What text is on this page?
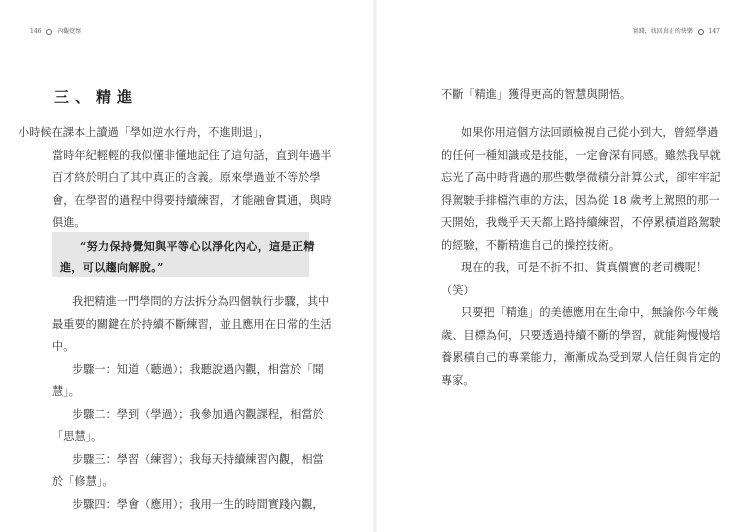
146	內觀覺察
三、精進
小時候在課本上讀過「學如逆水行舟，不進則退」，
當時年紀輕輕的我似懂非懂地記住了這句話，直到年過半
百才終於明白了其中真正的含義。原來學過並不等於學
會，在學習的過程中得要持續練習，才能融會貫通，與時
俱進。
“努力保持覺知與平等心以淨化內心，這是正精
進，可以趨向解脫。”
我把精進一門學問的方法拆分為四個執行步驟，其中
最重要的關鍵在於持續不斷練習，並且應用在日常的生活
中。
步驟一：知道（聽過）；我聽說過內觀，相當於「聞
慧」。
步驟二：學到（學過）；我參加過內觀課程，相當於
「思慧」。
步驟三：學習（練習）；我每天持續練習內觀，相當
於「修慧」。
步驟四：學會（應用）；我用一生的時間實踐內觀，
實踐，找回真正的快樂	147
不斷「精進」獲得更高的智慧與開悟。
如果你用這個方法回頭檢視自己從小到大，曾經學過
的任何一種知識或是技能，一定會深有同感。雖然我早就
忘光了高中時背過的那些數學微積分計算公式，卻牢牢記
得駕駛手排檔汽車的方法，因為從 18 歲考上駕照的那一
天開始，我幾乎天天都上路持續練習，不停累積道路駕駛
的經驗，不斷精進自己的操控技術。
現在的我，可是不折不扣、貨真價實的老司機呢！
（笑）
只要把「精進」的美德應用在生命中，無論你今年幾
歲、目標為何，只要透過持續不斷的學習，就能夠慢慢培
養累積自己的專業能力，漸漸成為受到眾人信任與肯定的
專家。
